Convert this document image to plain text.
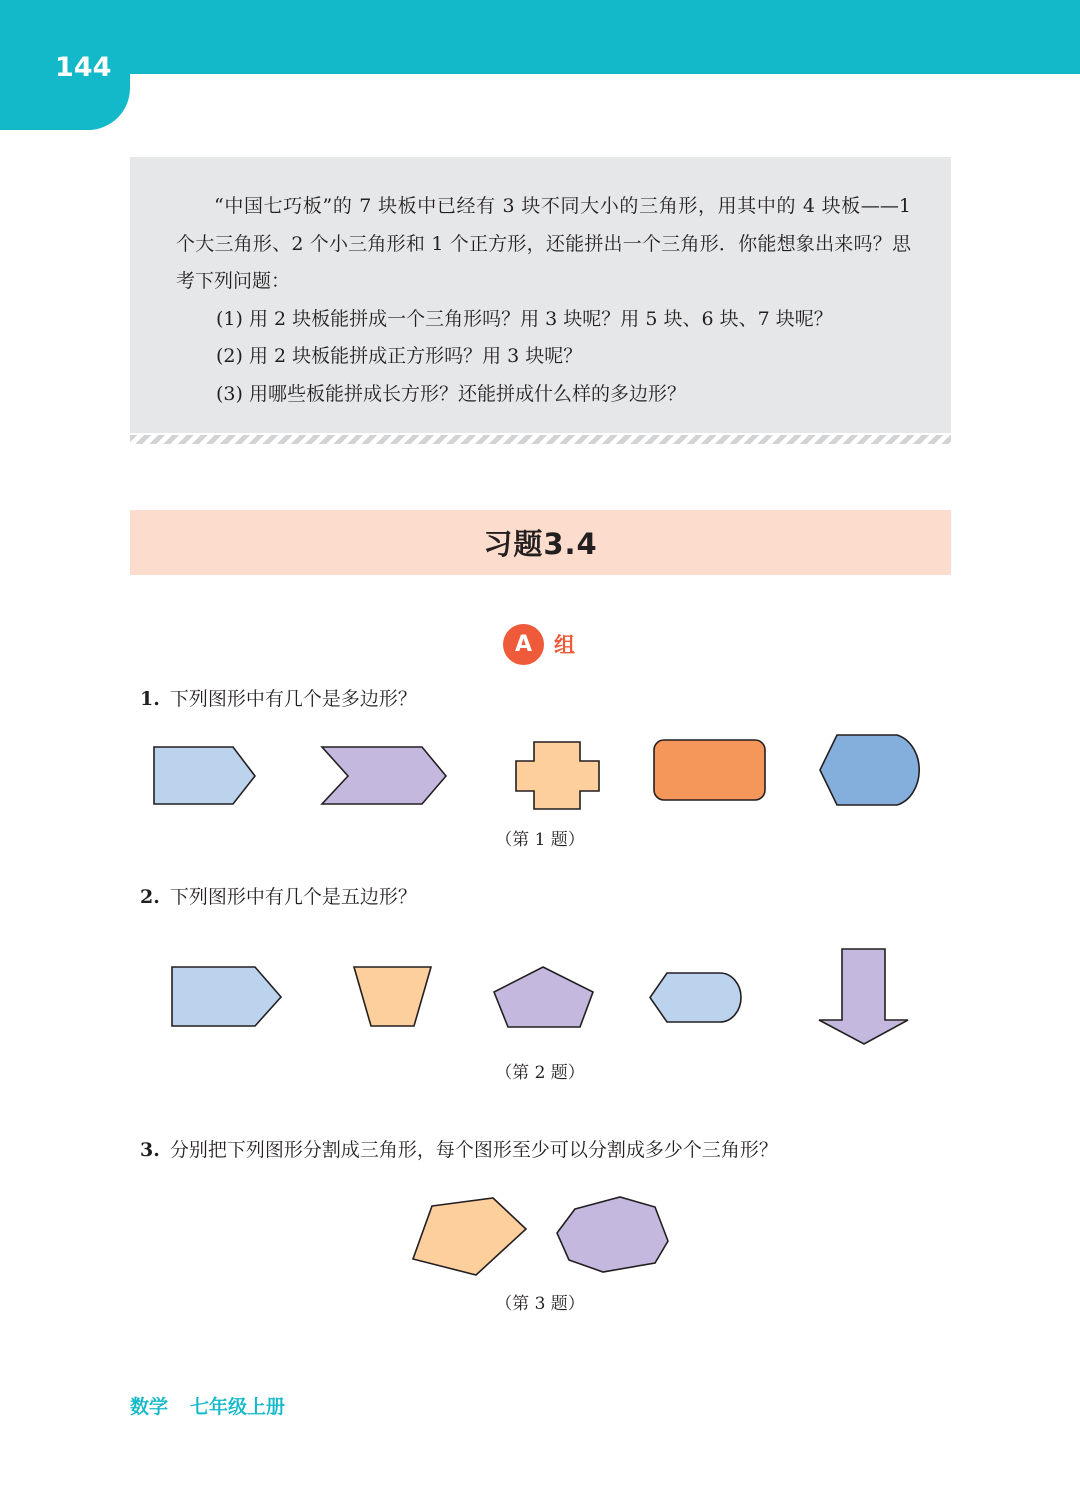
144

“中国七巧板”的 7 块板中已经有 3 块不同大小的三角形，用其中的 4 块板——1 个大三角形、2 个小三角形和 1 个正方形，还能拼出一个三角形．你能想象出来吗？思考下列问题：

(1) 用 2 块板能拼成一个三角形吗？用 3 块呢？用 5 块、6 块、7 块呢？

(2) 用 2 块板能拼成正方形吗？用 3 块呢？

(3) 用哪些板能拼成长方形？还能拼成什么样的多边形？

习题3.4
A	组
1. 下列图形中有几个是多边形？
（第 1 题）
2. 下列图形中有几个是五边形？
（第 2 题）
3. 分别把下列图形分割成三角形，每个图形至少可以分割成多少个三角形？
（第 3 题）
数学 七年级上册
